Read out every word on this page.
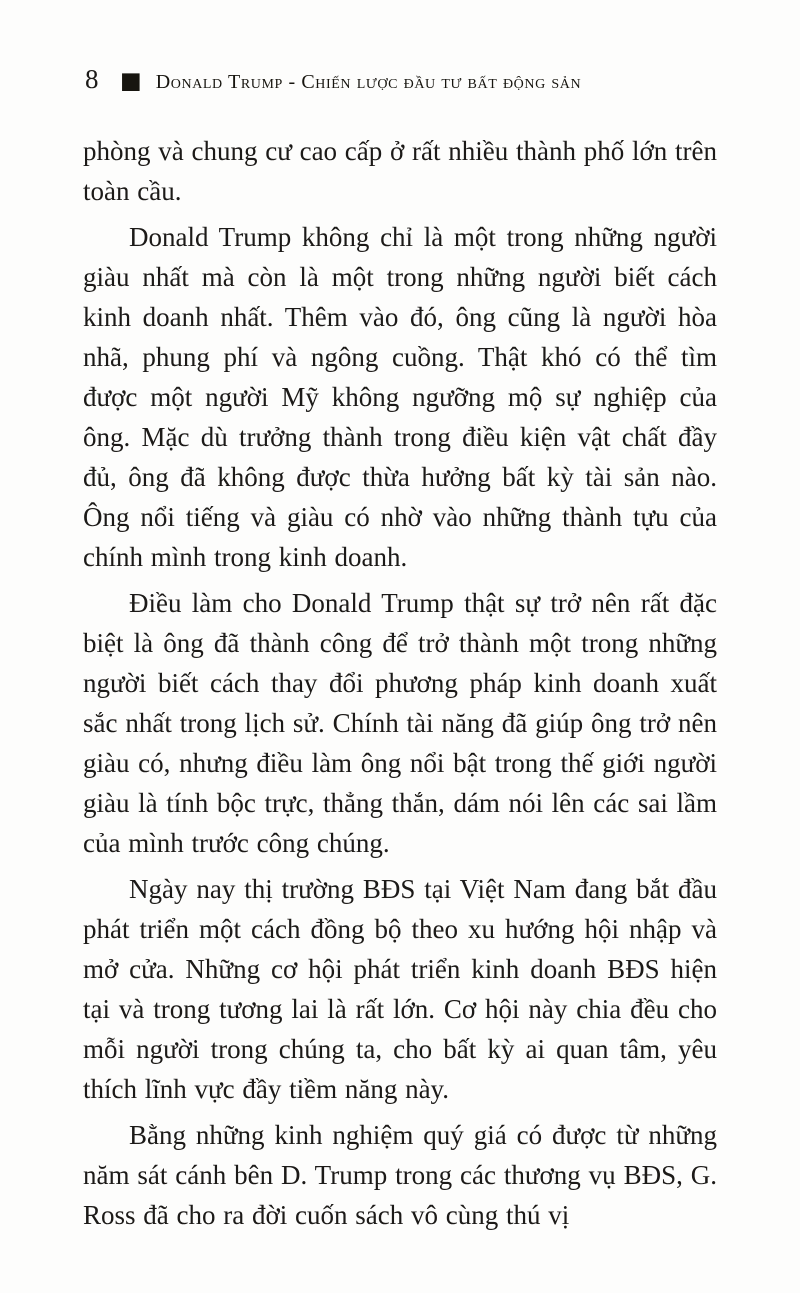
8 ■ Donald Trump - Chiến lược đầu tư bất động sản

phòng và chung cư cao cấp ở rất nhiều thành phố lớn trên toàn cầu.

Donald Trump không chỉ là một trong những người giàu nhất mà còn là một trong những người biết cách kinh doanh nhất. Thêm vào đó, ông cũng là người hòa nhã, phung phí và ngông cuồng. Thật khó có thể tìm được một người Mỹ không ngưỡng mộ sự nghiệp của ông. Mặc dù trưởng thành trong điều kiện vật chất đầy đủ, ông đã không được thừa hưởng bất kỳ tài sản nào. Ông nổi tiếng và giàu có nhờ vào những thành tựu của chính mình trong kinh doanh.

Điều làm cho Donald Trump thật sự trở nên rất đặc biệt là ông đã thành công để trở thành một trong những người biết cách thay đổi phương pháp kinh doanh xuất sắc nhất trong lịch sử. Chính tài năng đã giúp ông trở nên giàu có, nhưng điều làm ông nổi bật trong thế giới người giàu là tính bộc trực, thẳng thắn, dám nói lên các sai lầm của mình trước công chúng.

Ngày nay thị trường BĐS tại Việt Nam đang bắt đầu phát triển một cách đồng bộ theo xu hướng hội nhập và mở cửa. Những cơ hội phát triển kinh doanh BĐS hiện tại và trong tương lai là rất lớn. Cơ hội này chia đều cho mỗi người trong chúng ta, cho bất kỳ ai quan tâm, yêu thích lĩnh vực đầy tiềm năng này.

Bằng những kinh nghiệm quý giá có được từ những năm sát cánh bên D. Trump trong các thương vụ BĐS, G. Ross đã cho ra đời cuốn sách vô cùng thú vị
